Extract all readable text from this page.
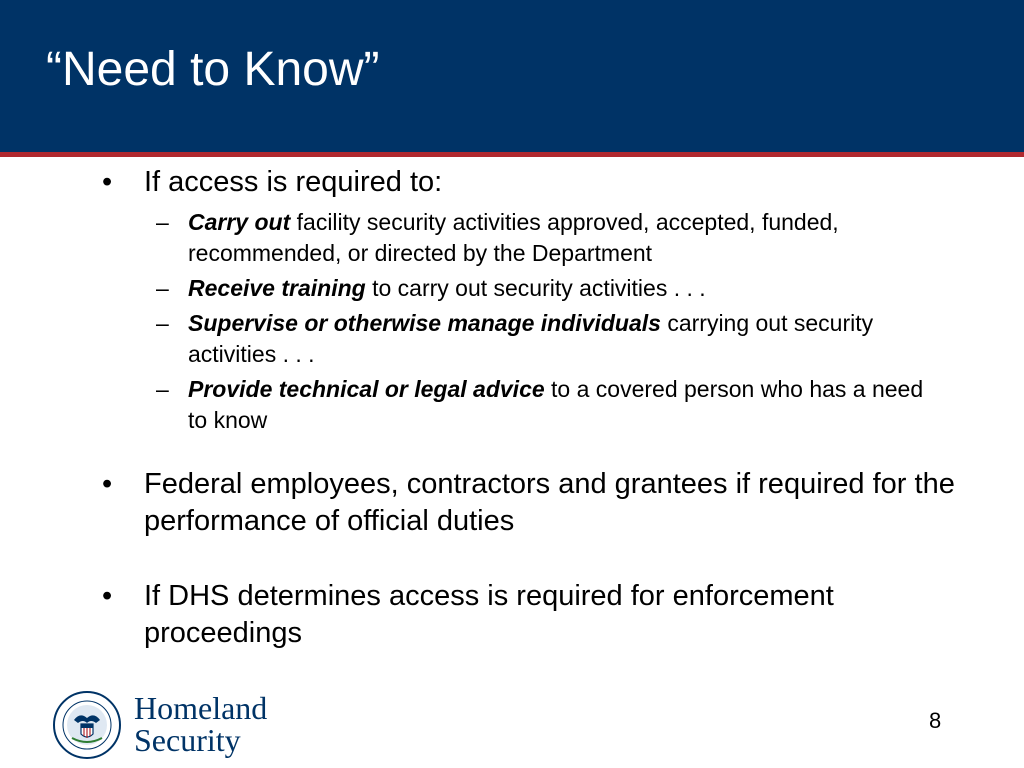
“Need to Know”
• If access is required to:
– Carry out facility security activities approved, accepted, funded, recommended, or directed by the Department
– Receive training to carry out security activities . . .
– Supervise or otherwise manage individuals carrying out security activities . . .
– Provide technical or legal advice to a covered person who has a need to know
• Federal employees, contractors and grantees if required for the performance of official duties
• If DHS determines access is required for enforcement proceedings
Homeland
Security
8
